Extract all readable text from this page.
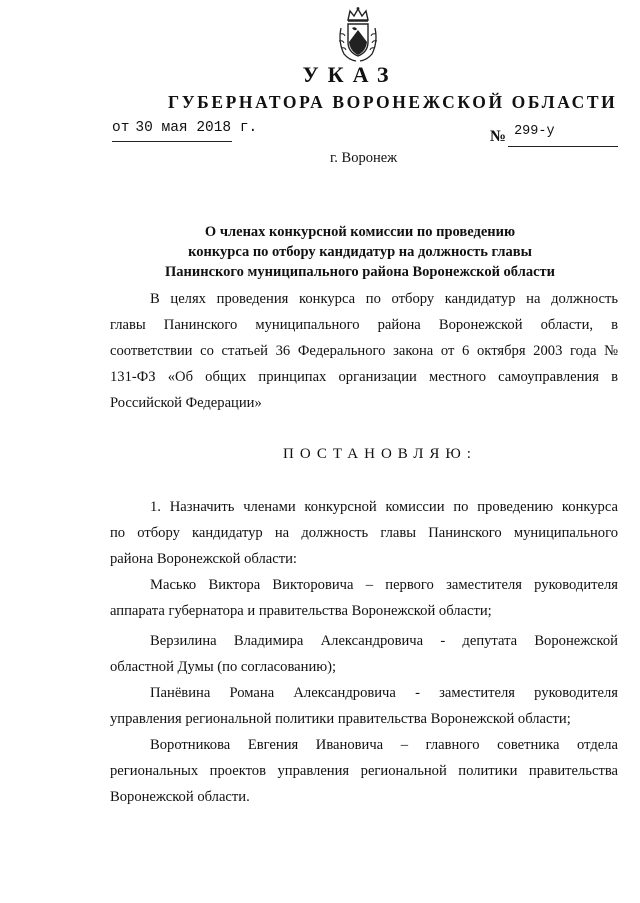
УКАЗ
ГУБЕРНАТОРА ВОРОНЕЖСКОЙ ОБЛАСТИ
от 30 мая 2018 г.	№ $^{299-у}$
г. Воронеж
О членах конкурсной комиссии по проведению
конкурса по отбору кандидатур на должность главы
Панинского муниципального района Воронежской области
В целях проведения конкурса по отбору кандидатур на должность
главы Панинского муниципального района Воронежской области, в
соответствии со статьей 36 Федерального закона от 6 октября 2003 года №
131-ФЗ «Об общих принципах организации местного самоуправления в
Российской Федерации»
ПОСТАНОВЛЯЮ:
1. Назначить членами конкурсной комиссии по проведению конкурса
по отбору кандидатур на должность главы Панинского муниципального
района Воронежской области:
Масько Виктора Викторовича – первого заместителя руководителя
аппарата губернатора и правительства Воронежской области;
Верзилина Владимира Александровича - депутата Воронежской
областной Думы (по согласованию);
Панёвина Романа Александровича - заместителя руководителя
управления региональной политики правительства Воронежской области;
Воротникова Евгения Ивановича – главного советника отдела
региональных проектов управления региональной политики правительства
Воронежской области.
